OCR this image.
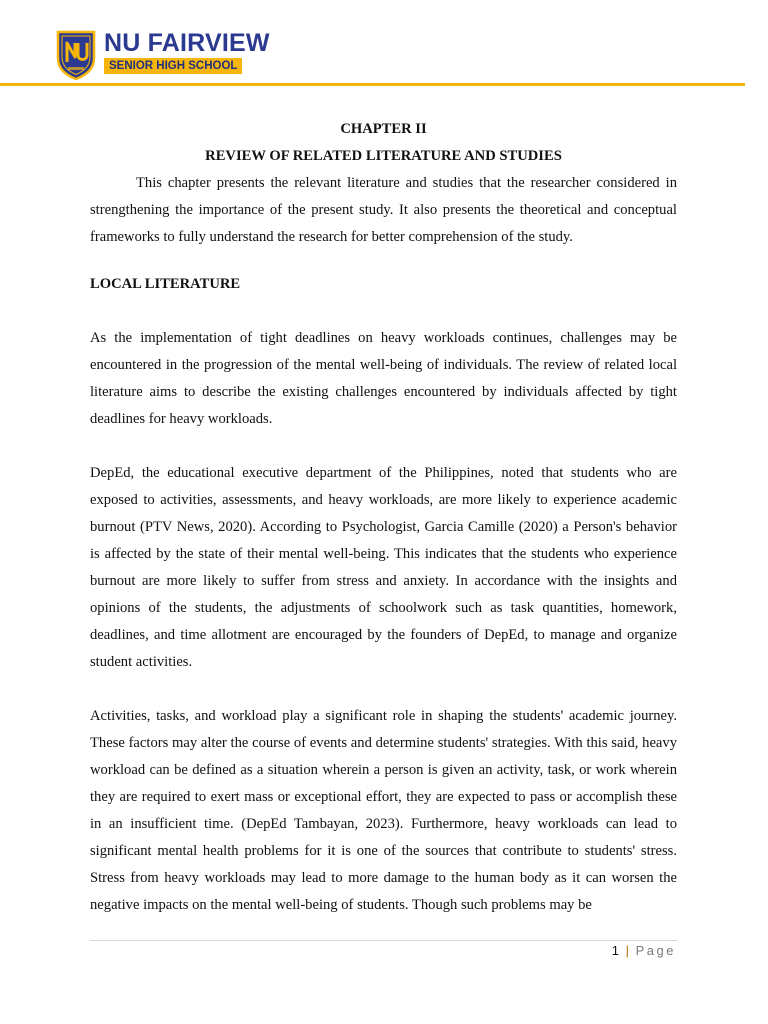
NU FAIRVIEW
SENIOR HIGH SCHOOL
CHAPTER II
REVIEW OF RELATED LITERATURE AND STUDIES

This chapter presents the relevant literature and studies that the researcher considered in strengthening the importance of the present study. It also presents the theoretical and conceptual frameworks to fully understand the research for better comprehension of the study.

LOCAL LITERATURE

As the implementation of tight deadlines on heavy workloads continues, challenges may be encountered in the progression of the mental well-being of individuals. The review of related local literature aims to describe the existing challenges encountered by individuals affected by tight deadlines for heavy workloads.

DepEd, the educational executive department of the Philippines, noted that students who are exposed to activities, assessments, and heavy workloads, are more likely to experience academic burnout (PTV News, 2020). According to Psychologist, Garcia Camille (2020) a Person's behavior is affected by the state of their mental well-being. This indicates that the students who experience burnout are more likely to suffer from stress and anxiety. In accordance with the insights and opinions of the students, the adjustments of schoolwork such as task quantities, homework, deadlines, and time allotment are encouraged by the founders of DepEd, to manage and organize student activities.

Activities, tasks, and workload play a significant role in shaping the students' academic journey. These factors may alter the course of events and determine students' strategies. With this said, heavy workload can be defined as a situation wherein a person is given an activity, task, or work wherein they are required to exert mass or exceptional effort, they are expected to pass or accomplish these in an insufficient time. (DepEd Tambayan, 2023). Furthermore, heavy workloads can lead to significant mental health problems for it is one of the sources that contribute to students' stress. Stress from heavy workloads may lead to more damage to the human body as it can worsen the negative impacts on the mental well-being of students. Though such problems may be

1 | Page
